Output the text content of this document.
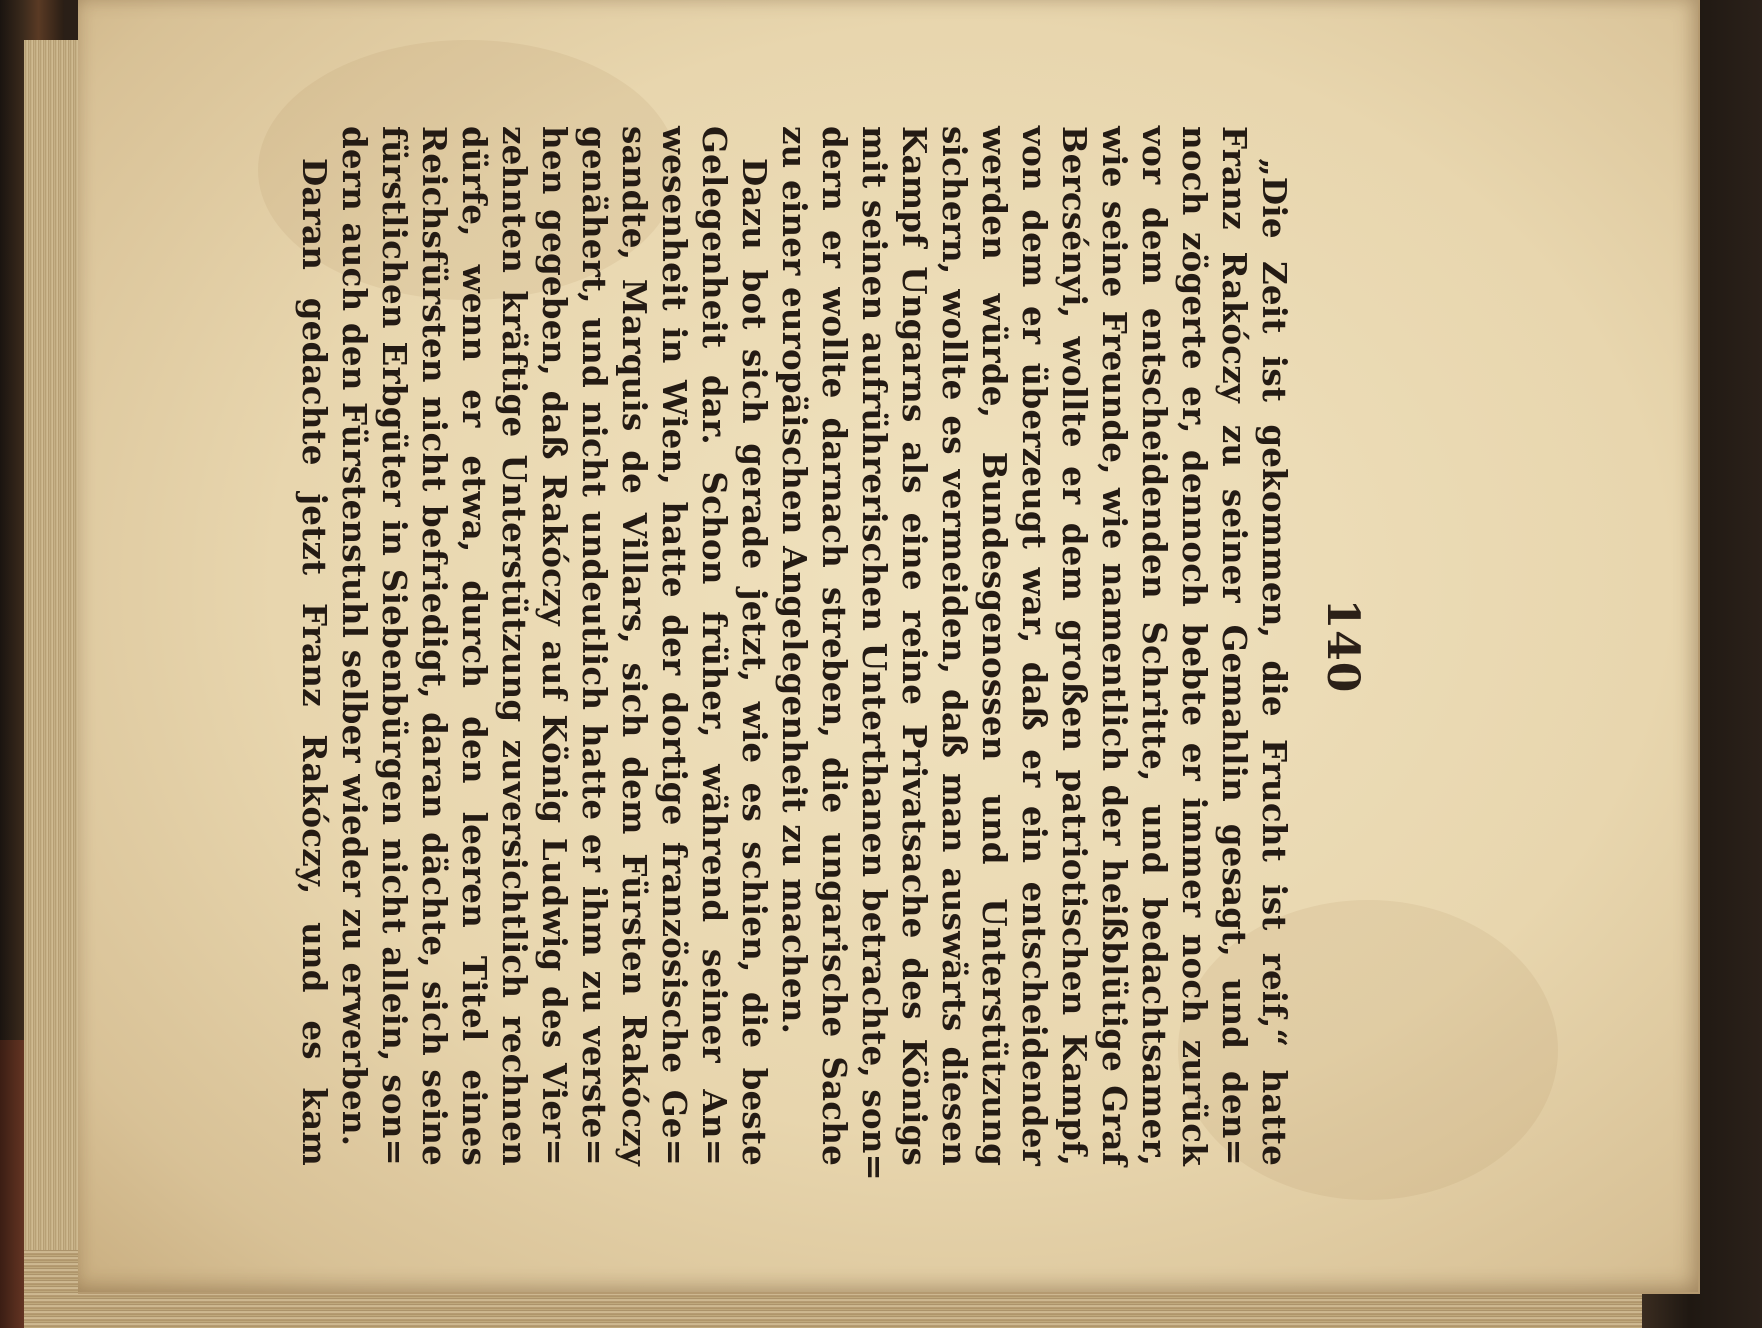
140
„Die Zeit ist gekommen, die Frucht ist reif,“ hatte
Franz Rakóczy zu seiner Gemahlin gesagt, und den=
noch zögerte er, dennoch bebte er immer noch zurück
vor dem entscheidenden Schritte, und bedachtsamer,
wie seine Freunde, wie namentlich der heißblütige Graf
Bercsényi, wollte er dem großen patriotischen Kampf,
von dem er überzeugt war, daß er ein entscheidender
werden würde, Bundesgenossen und Unterstützung
sichern, wollte es vermeiden, daß man auswärts diesen
Kampf Ungarns als eine reine Privatsache des Königs
mit seinen aufrührerischen Unterthanen betrachte, son=
dern er wollte darnach streben, die ungarische Sache
zu einer europäischen Angelegenheit zu machen.
Dazu bot sich gerade jetzt, wie es schien, die beste
Gelegenheit dar. Schon früher, während seiner An=
wesenheit in Wien, hatte der dortige französische Ge=
sandte, Marquis de Villars, sich dem Fürsten Rakóczy
genähert, und nicht undeutlich hatte er ihm zu verste=
hen gegeben, daß Rakóczy auf König Ludwig des Vier=
zehnten kräftige Unterstützung zuversichtlich rechnen
dürfe, wenn er etwa, durch den leeren Titel eines
Reichsfürsten nicht befriedigt, daran dächte, sich seine
fürstlichen Erbgüter in Siebenbürgen nicht allein, son=
dern auch den Fürstenstuhl selber wieder zu erwerben.
Daran gedachte jetzt Franz Rakóczy, und es kam
